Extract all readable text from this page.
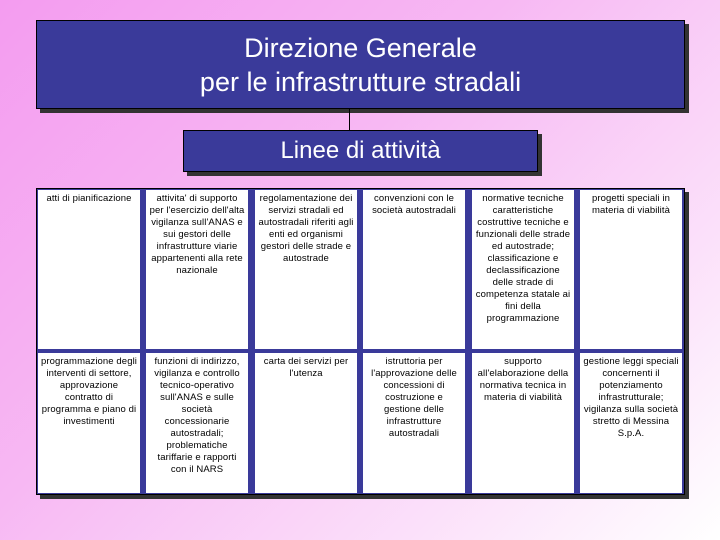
Direzione Generale
per le infrastrutture stradali
Linee di attività
atti di pianificazione	attivita' di supporto per l'esercizio dell'alta vigilanza sull'ANAS e sui gestori delle infrastrutture viarie appartenenti alla rete nazionale
regolamentazione dei servizi stradali ed autostradali riferiti agli enti ed organismi gestori delle strade e autostrade
convenzioni con le società autostradali
normative tecniche caratteristiche costruttive tecniche e funzionali delle strade ed autostrade; classificazione e declassificazione delle strade di competenza statale ai fini della programmazione
progetti speciali in materia di viabilità
programmazione degli interventi di settore, approvazione contratto di programma e piano di investimenti
funzioni di indirizzo, vigilanza e controllo tecnico-operativo sull'ANAS e sulle società concessionarie autostradali; problematiche tariffarie e rapporti con il NARS
carta dei servizi per l'utenza
istruttoria per l'approvazione delle concessioni di costruzione e gestione delle infrastrutture autostradali
supporto all'elaborazione della normativa tecnica in materia di viabilità
gestione leggi speciali concernenti il potenziamento infrastrutturale; vigilanza sulla società stretto di Messina S.p.A.
